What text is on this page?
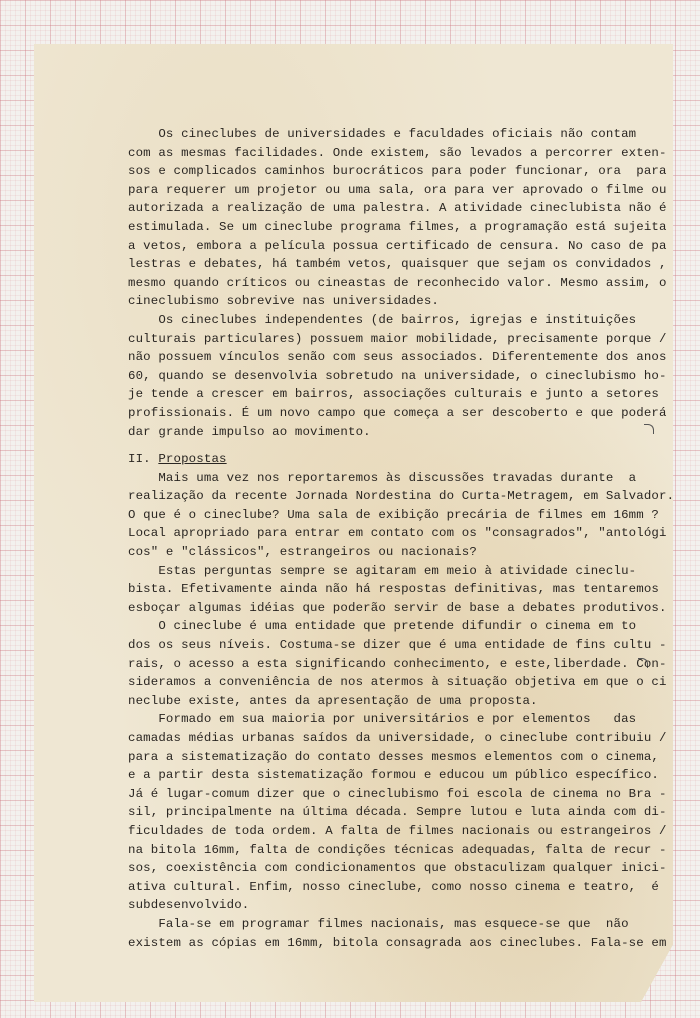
Os cineclubes de universidades e faculdades oficiais não contam
com as mesmas facilidades. Onde existem, são levados a percorrer exten-
sos e complicados caminhos burocráticos para poder funcionar, ora  para
para requerer um projetor ou uma sala, ora para ver aprovado o filme ou
autorizada a realização de uma palestra. A atividade cineclubista não é
estimulada. Se um cineclube programa filmes, a programação está sujeita
a vetos, embora a película possua certificado de censura. No caso de pa
lestras e debates, há também vetos, quaisquer que sejam os convidados ,
mesmo quando críticos ou cineastas de reconhecido valor. Mesmo assim, o
cineclubismo sobrevive nas universidades.
Os cineclubes independentes (de bairros, igrejas e instituições
culturais particulares) possuem maior mobilidade, precisamente porque /
não possuem vínculos senão com seus associados. Diferentemente dos anos
60, quando se desenvolvia sobretudo na universidade, o cineclubismo ho-
je tende a crescer em bairros, associações culturais e junto a setores
profissionais. É um novo campo que começa a ser descoberto e que poderá
dar grande impulso ao movimento.
II. Propostas
Mais uma vez nos reportaremos às discussões travadas durante  a
realização da recente Jornada Nordestina do Curta-Metragem, em Salvador.
O que é o cineclube? Uma sala de exibição precária de filmes em 16mm ?
Local apropriado para entrar em contato com os "consagrados", "antológi
cos" e "clássicos", estrangeiros ou nacionais?
Estas perguntas sempre se agitaram em meio à atividade cineclu-
bista. Efetivamente ainda não há respostas definitivas, mas tentaremos
esboçar algumas idéias que poderão servir de base a debates produtivos.
O cineclube é uma entidade que pretende difundir o cinema em to
dos os seus níveis. Costuma-se dizer que é uma entidade de fins cultu -
rais, o acesso a esta significando conhecimento, e este,liberdade. Con-
sideramos a conveniência de nos atermos à situação objetiva em que o ci
neclube existe, antes da apresentação de uma proposta.
Formado em sua maioria por universitários e por elementos   das
camadas médias urbanas saídos da universidade, o cineclube contribuiu /
para a sistematização do contato desses mesmos elementos com o cinema,
e a partir desta sistematização formou e educou um público específico.
Já é lugar-comum dizer que o cineclubismo foi escola de cinema no Bra -
sil, principalmente na última década. Sempre lutou e luta ainda com di-
ficuldades de toda ordem. A falta de filmes nacionais ou estrangeiros /
na bitola 16mm, falta de condições técnicas adequadas, falta de recur -
sos, coexistência com condicionamentos que obstaculizam qualquer inici-
ativa cultural. Enfim, nosso cineclube, como nosso cinema e teatro,  é
subdesenvolvido.
Fala-se em programar filmes nacionais, mas esquece-se que  não
existem as cópias em 16mm, bitola consagrada aos cineclubes. Fala-se em
